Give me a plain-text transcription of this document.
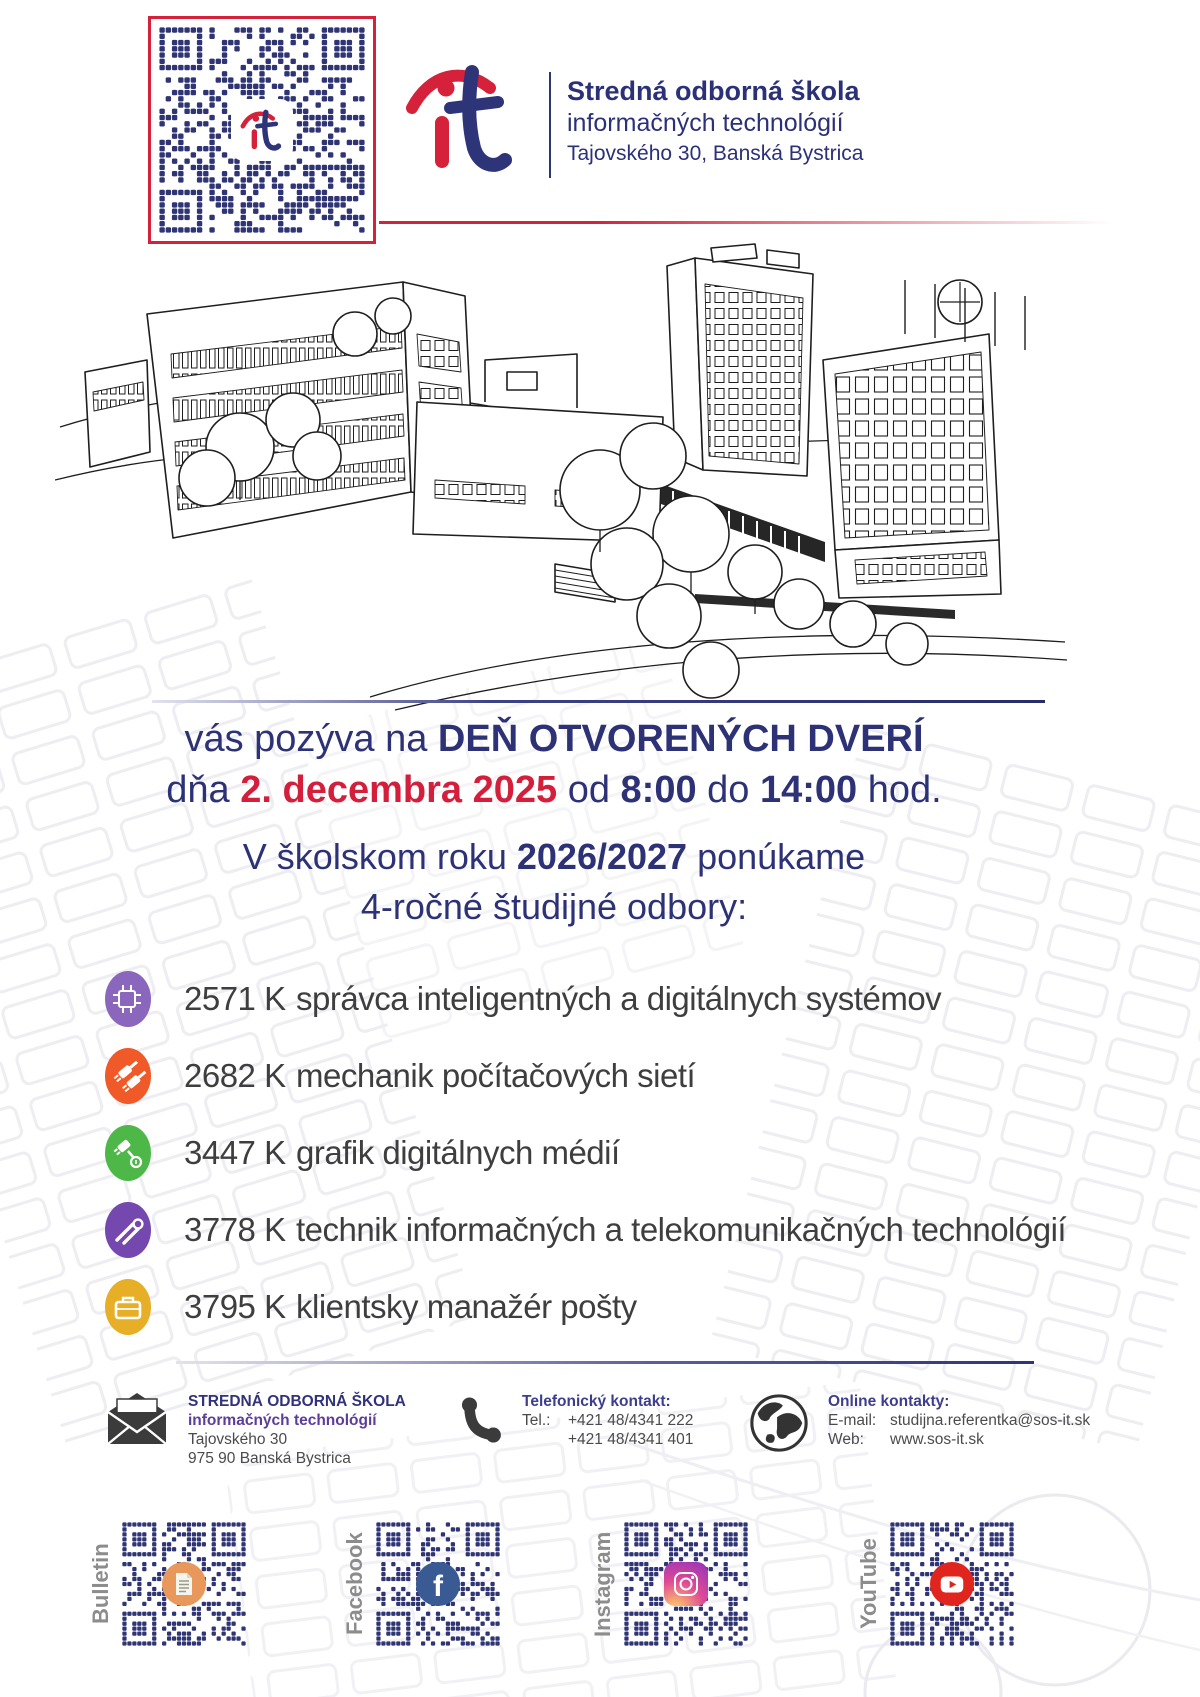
Stredná odborná škola
informačných technológií
Tajovského 30, Banská Bystrica
vás pozýva na DEŇ OTVORENÝCH DVERÍ
dňa 2. decembra 2025 od 8:00 do 14:00 hod.
V školskom roku 2026/2027 ponúkame
4-ročné študijné odbory:
2571 K správca inteligentných a digitálnych systémov
2682 K mechanik počítačových sietí
3447 K grafik digitálnych médií
3778 K technik informačných a telekomunikačných technológií
3795 K klientsky manažér pošty
STREDNÁ ODBORNÁ ŠKOLA
informačných technológií
Tajovského 30
975 90 Banská Bystrica
Telefonický kontakt:
Tel.:	+421 48/4341 222
+421 48/4341 401
Online kontakty:
E-mail: studijna.referentka@sos-it.sk
Web:	www.sos-it.sk
Bulletin	Facebook f	Instagram	YouTube
